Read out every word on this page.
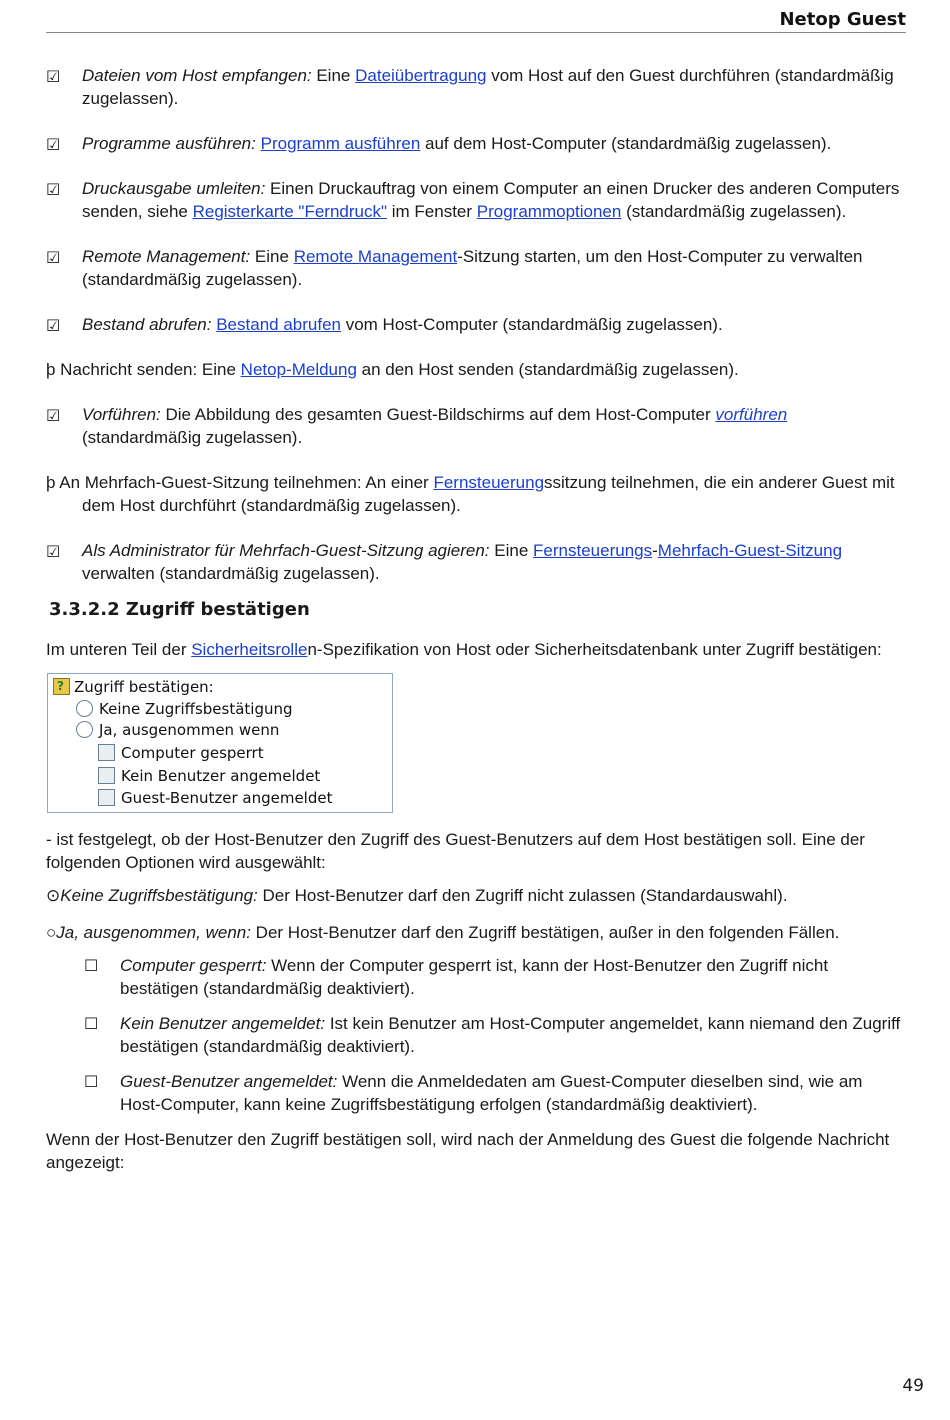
Netop Guest
☑ Dateien vom Host empfangen: Eine Dateiübertragung vom Host auf den Guest durchführen (standardmäßig zugelassen).
☑ Programme ausführen: Programm ausführen auf dem Host-Computer (standardmäßig zugelassen).
☑ Druckausgabe umleiten: Einen Druckauftrag von einem Computer an einen Drucker des anderen Computers senden, siehe Registerkarte "Ferndruck" im Fenster Programmoptionen (standardmäßig zugelassen).
☑ Remote Management: Eine Remote Management-Sitzung starten, um den Host-Computer zu verwalten (standardmäßig zugelassen).
☑ Bestand abrufen: Bestand abrufen vom Host-Computer (standardmäßig zugelassen).
þ Nachricht senden: Eine Netop-Meldung an den Host senden (standardmäßig zugelassen).
☑ Vorführen: Die Abbildung des gesamten Guest-Bildschirms auf dem Host-Computer vorführen (standardmäßig zugelassen).
þ An Mehrfach-Guest-Sitzung teilnehmen: An einer Fernsteuerungssitzung teilnehmen, die ein anderer Guest mit dem Host durchführt (standardmäßig zugelassen).
☑ Als Administrator für Mehrfach-Guest-Sitzung agieren: Eine Fernsteuerungs-Mehrfach-Guest-Sitzung verwalten (standardmäßig zugelassen).
3.3.2.2 Zugriff bestätigen

Im unteren Teil der Sicherheitsrollen-Spezifikation von Host oder Sicherheitsdatenbank unter Zugriff bestätigen:

?Zugriff bestätigen:
Keine Zugriffsbestätigung
Ja, ausgenommen wenn
Computer gesperrt
Kein Benutzer angemeldet
Guest-Benutzer angemeldet

- ist festgelegt, ob der Host-Benutzer den Zugriff des Guest-Benutzers auf dem Host bestätigen soll. Eine der folgenden Optionen wird ausgewählt:

⊙Keine Zugriffsbestätigung: Der Host-Benutzer darf den Zugriff nicht zulassen (Standardauswahl).
○Ja, ausgenommen, wenn: Der Host-Benutzer darf den Zugriff bestätigen, außer in den folgenden Fällen.
☐ Computer gesperrt: Wenn der Computer gesperrt ist, kann der Host-Benutzer den Zugriff nicht bestätigen (standardmäßig deaktiviert).
☐ Kein Benutzer angemeldet: Ist kein Benutzer am Host-Computer angemeldet, kann niemand den Zugriff bestätigen (standardmäßig deaktiviert).
☐ Guest-Benutzer angemeldet: Wenn die Anmeldedaten am Guest-Computer dieselben sind, wie am Host-Computer, kann keine Zugriffsbestätigung erfolgen (standardmäßig deaktiviert).

Wenn der Host-Benutzer den Zugriff bestätigen soll, wird nach der Anmeldung des Guest die folgende Nachricht angezeigt:

49
